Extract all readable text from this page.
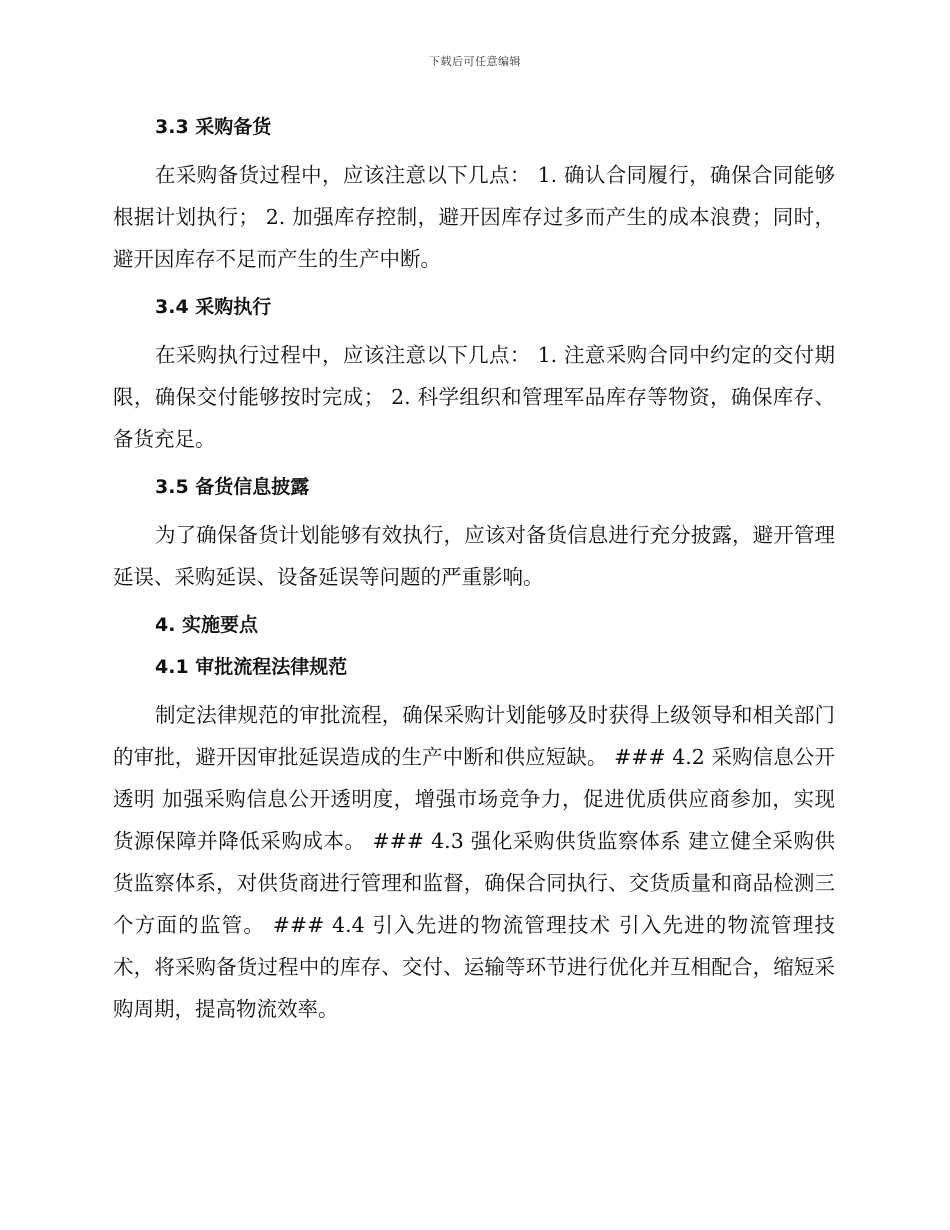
下载后可任意编辑
3.3 采购备货

在采购备货过程中，应该注意以下几点： 1. 确认合同履行，确保合同能够根据计划执行； 2. 加强库存控制，避开因库存过多而产生的成本浪费；同时，避开因库存不足而产生的生产中断。

3.4 采购执行

在采购执行过程中，应该注意以下几点： 1. 注意采购合同中约定的交付期限，确保交付能够按时完成； 2. 科学组织和管理军品库存等物资，确保库存、备货充足。

3.5 备货信息披露

为了确保备货计划能够有效执行，应该对备货信息进行充分披露，避开管理延误、采购延误、设备延误等问题的严重影响。

4. 实施要点
4.1 审批流程法律规范

制定法律规范的审批流程，确保采购计划能够及时获得上级领导和相关部门的审批，避开因审批延误造成的生产中断和供应短缺。 ### 4.2 采购信息公开透明 加强采购信息公开透明度，增强市场竞争力，促进优质供应商参加，实现货源保障并降低采购成本。 ### 4.3 强化采购供货监察体系 建立健全采购供货监察体系，对供货商进行管理和监督，确保合同执行、交货质量和商品检测三个方面的监管。 ### 4.4 引入先进的物流管理技术 引入先进的物流管理技术，将采购备货过程中的库存、交付、运输等环节进行优化并互相配合，缩短采购周期，提高物流效率。
